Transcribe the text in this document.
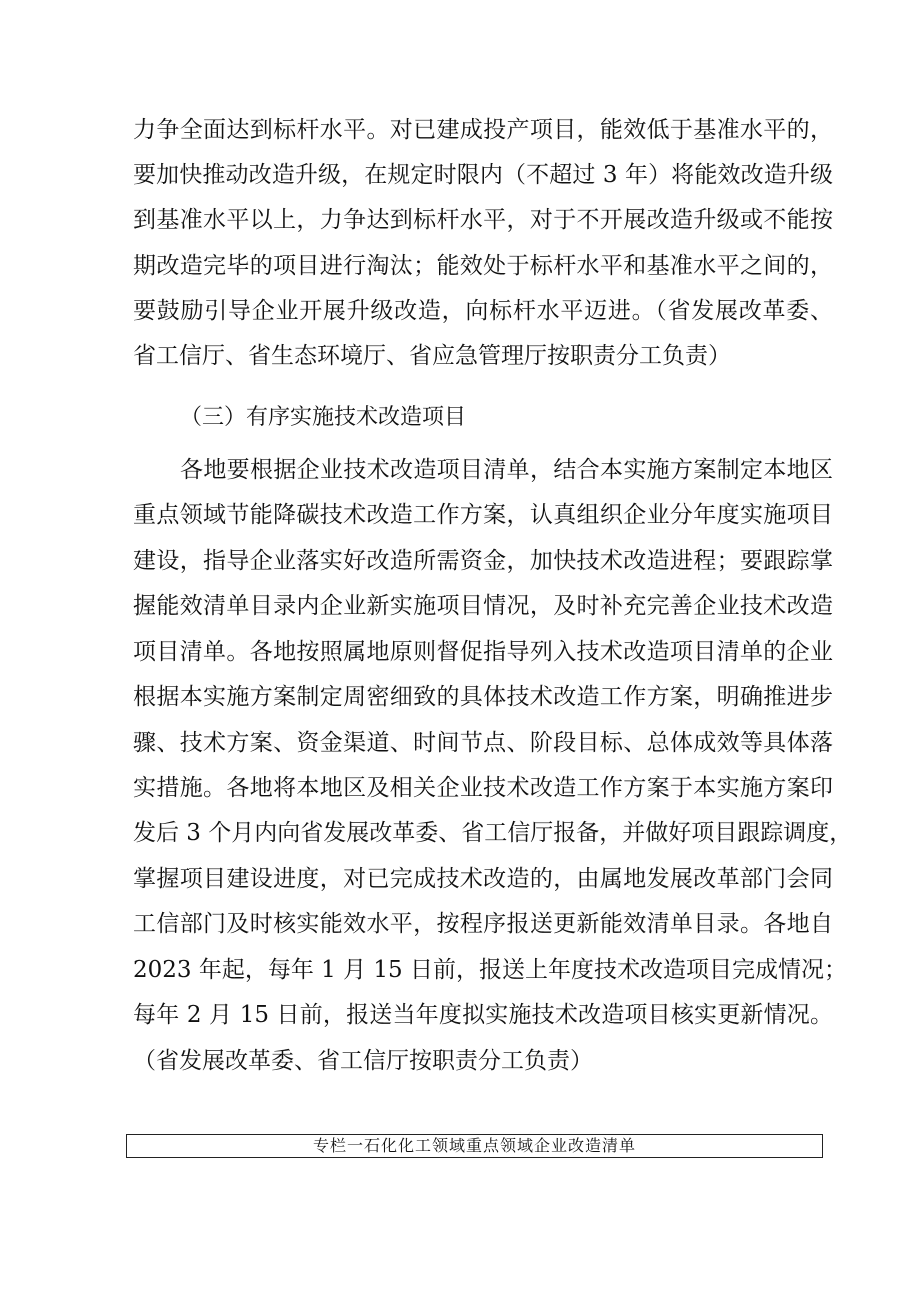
力争全面达到标杆水平。对已建成投产项目，能效低于基准水平的，
要加快推动改造升级，在规定时限内（不超过 3 年）将能效改造升级
到基准水平以上，力争达到标杆水平，对于不开展改造升级或不能按
期改造完毕的项目进行淘汰；能效处于标杆水平和基准水平之间的，
要鼓励引导企业开展升级改造，向标杆水平迈进。（省发展改革委、
省工信厅、省生态环境厅、省应急管理厅按职责分工负责）
（三）有序实施技术改造项目
各地要根据企业技术改造项目清单，结合本实施方案制定本地区
重点领域节能降碳技术改造工作方案，认真组织企业分年度实施项目
建设，指导企业落实好改造所需资金，加快技术改造进程；要跟踪掌
握能效清单目录内企业新实施项目情况，及时补充完善企业技术改造
项目清单。各地按照属地原则督促指导列入技术改造项目清单的企业
根据本实施方案制定周密细致的具体技术改造工作方案，明确推进步
骤、技术方案、资金渠道、时间节点、阶段目标、总体成效等具体落
实措施。各地将本地区及相关企业技术改造工作方案于本实施方案印
发后 3 个月内向省发展改革委、省工信厅报备，并做好项目跟踪调度，
掌握项目建设进度，对已完成技术改造的，由属地发展改革部门会同
工信部门及时核实能效水平，按程序报送更新能效清单目录。各地自
2023 年起，每年 1 月 15 日前，报送上年度技术改造项目完成情况；
每年 2 月 15 日前，报送当年度拟实施技术改造项目核实更新情况。
（省发展改革委、省工信厅按职责分工负责）
专栏一石化化工领域重点领域企业改造清单
